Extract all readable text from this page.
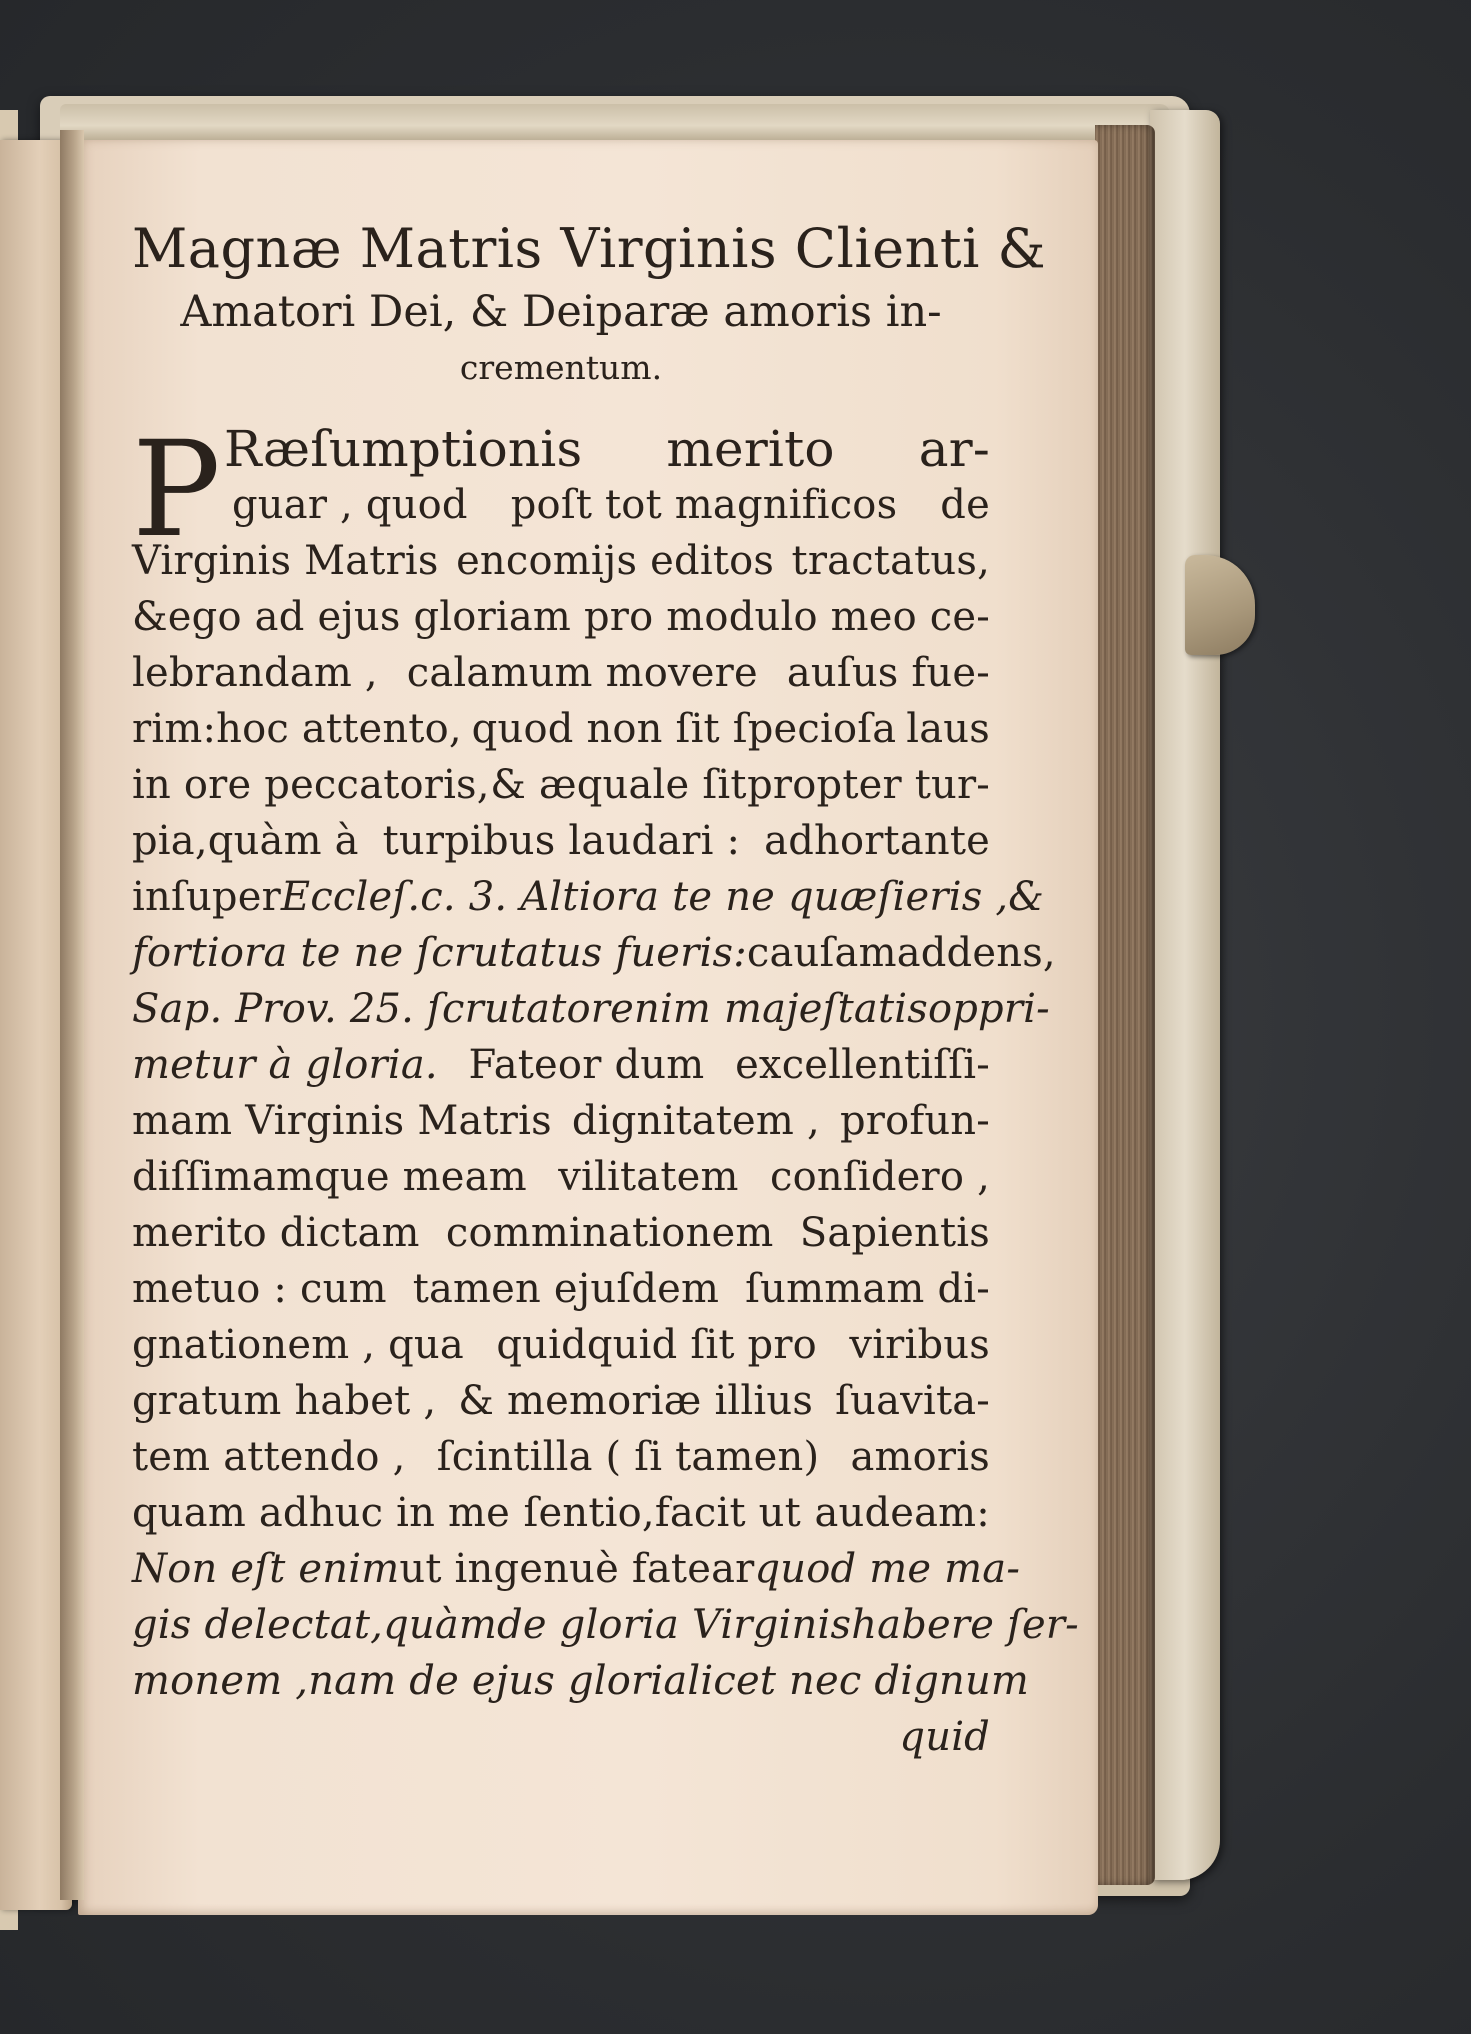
Magnæ Matris Virginis Clienti &

Amatori Dei, & Deiparæ amoris in-

crementum.

P Ræſumptionis merito ar-
guar , quod poſt tot magnificos de
Virginis Matris encomijs editos tractatus,
&ego ad ejus gloriam pro modulo meo ce-
lebrandam , calamum movere auſus fue-
rim:hoc attento, quod non ſit ſpecioſa laus
in ore peccatoris, & æquale ſit propter tur-
pia,quàm à turpibus laudari : adhortante
inſuper Eccleſ.c. 3. Altiora te ne quæſieris , &
fortiora te ne ſcrutatus fueris: cauſam addens,
Sap. Prov. 25. ſcrutator enim majeſtatis oppri-
metur à gloria. Fateor dum excellentiſſi-
mam Virginis Matris dignitatem , profun-
diſſimamque meam vilitatem conſidero ,
merito dictam comminationem Sapientis
metuo : cum tamen ejuſdem ſummam di-
gnationem , qua quidquid ſit pro viribus
gratum habet , & memoriæ illius ſuavita-
tem attendo , ſcintilla ( ſi tamen) amoris
quam adhuc in me ſentio,facit ut audeam:
Non eſt enim ut ingenuè fatear quod me ma-
gis delectat,quàm de gloria Virginis habere ſer-
monem , nam de ejus gloria licet nec dignum
quid
